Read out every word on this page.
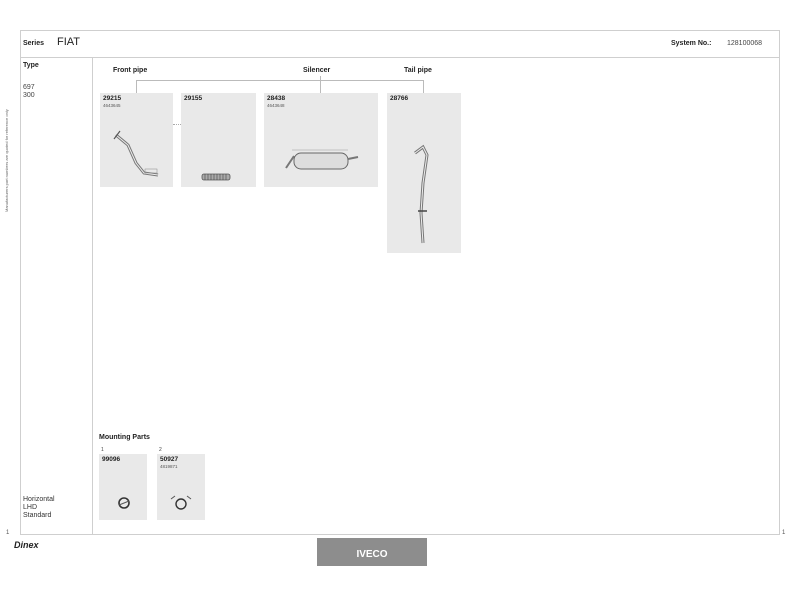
Series FIAT	System No.: 128100068
Type
697
300
Manufacturers part numbers are quoted for reference only
Horizontal
LHD
Standard
Front pipe	Silencer	Tail pipe
29215
4643645
29155	28438
4643648
28766
Mounting Parts
1
99096
2
50927
4819871
1	1
Dinex
IVECO
